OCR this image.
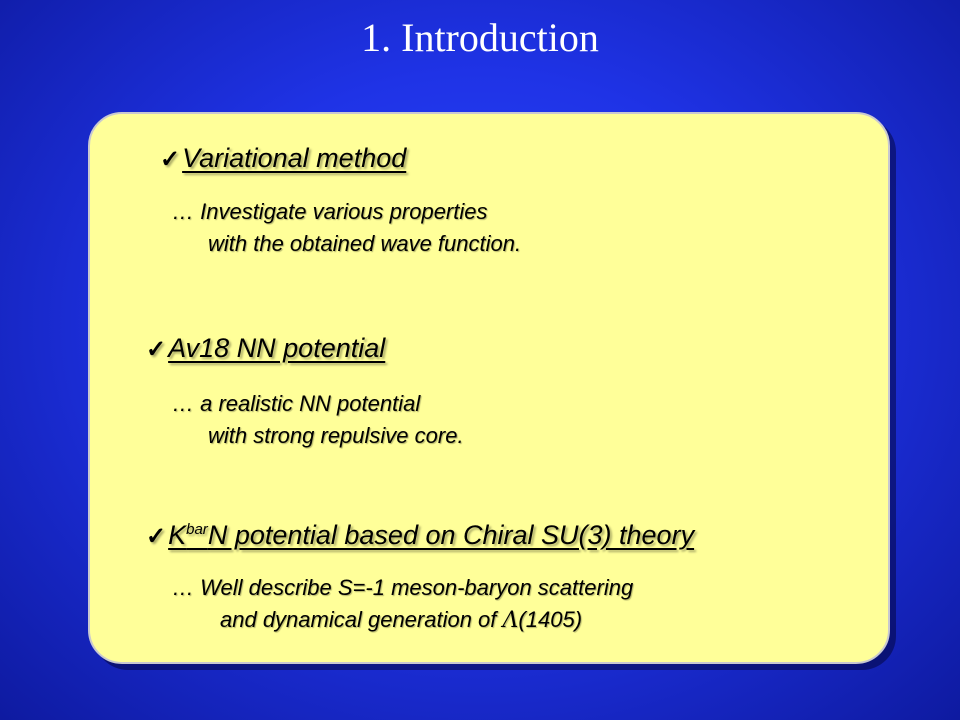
1. Introduction
✓ Variational method
… Investigate various properties
with the obtained wave function.
✓ Av18 NN potential
… a realistic NN potential
with strong repulsive core.
✓ $K^{bar}N$ potential based on Chiral SU(3) theory
… Well describe S=-1 meson-baryon scattering
and dynamical generation of Λ(1405)
